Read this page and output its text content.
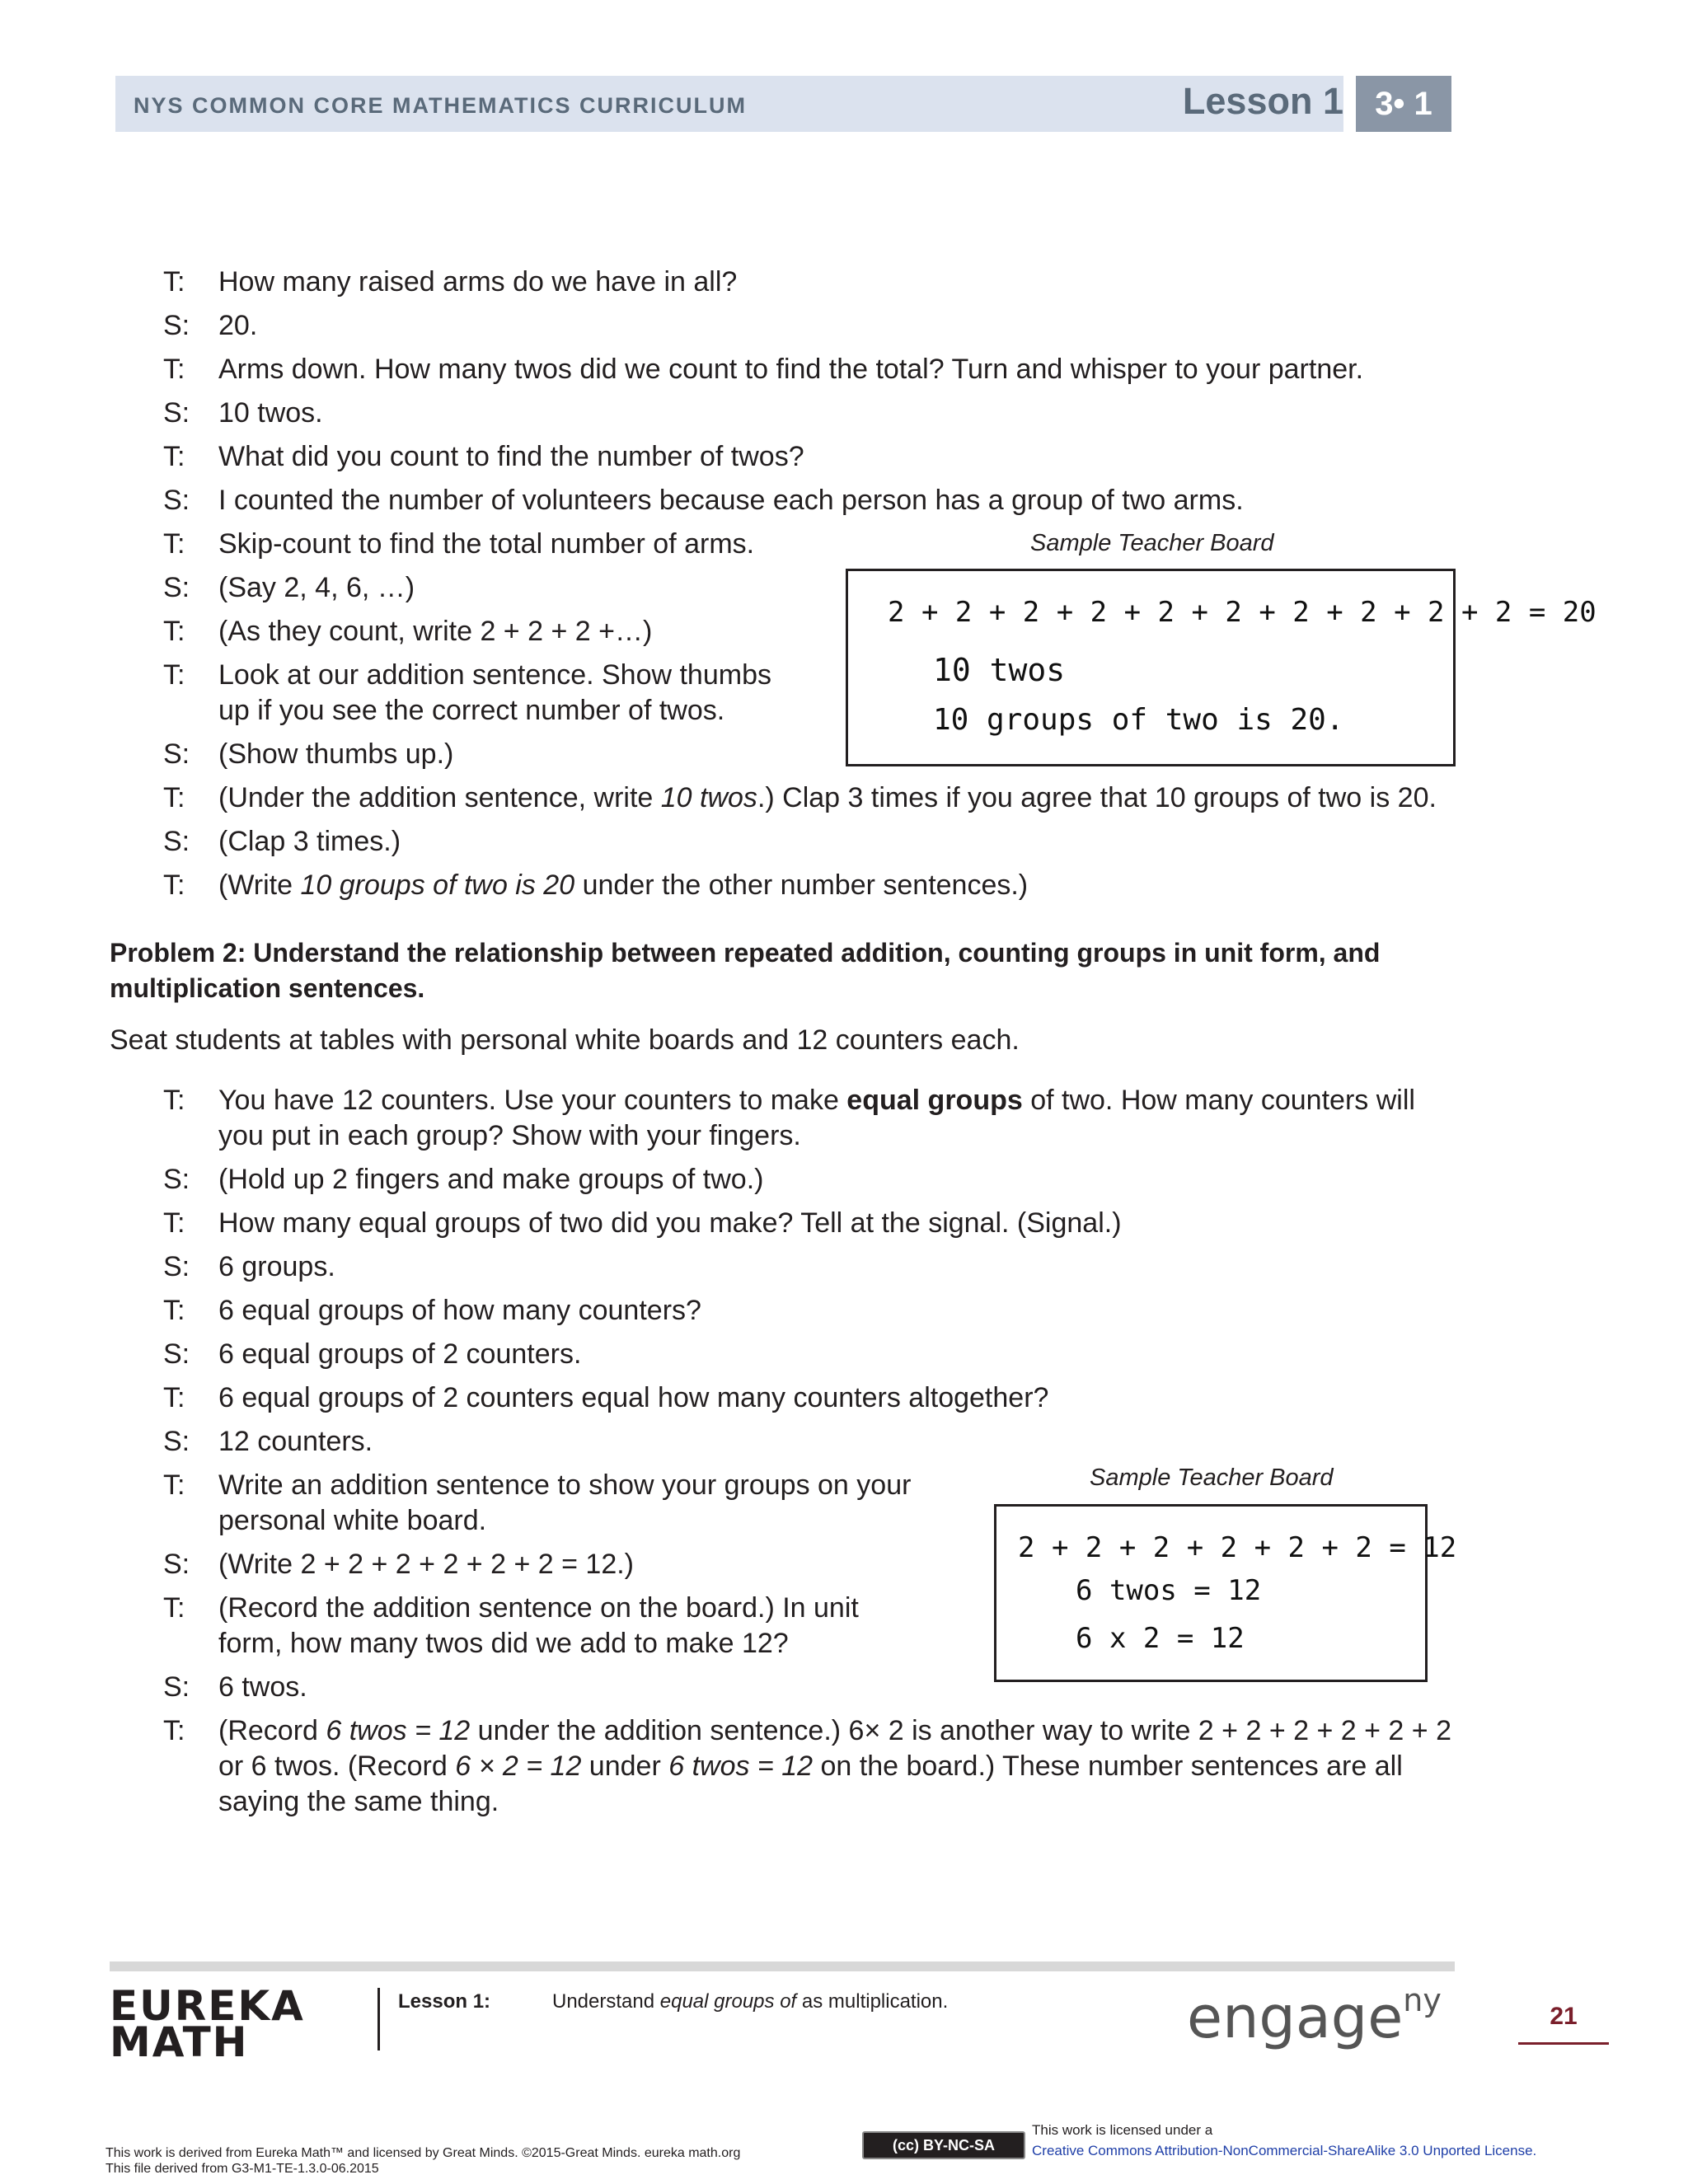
NYS COMMON CORE MATHEMATICS CURRICULUM	Lesson 1 3• 1
T: How many raised arms do we have in all?
S: 20.
T: Arms down. How many twos did we count to find the total? Turn and whisper to your partner.
S: 10 twos.
T: What did you count to find the number of twos?
S: I counted the number of volunteers because each person has a group of two arms.
T: Skip-count to find the total number of arms.
S: (Say 2, 4, 6, …)
T: (As they count, write 2 + 2 + 2 +…)
T: Look at our addition sentence. Show thumbs
up if you see the correct number of twos.
S: (Show thumbs up.)
T: (Under the addition sentence, write 10 twos.) Clap 3 times if you agree that 10 groups of two is 20.
S: (Clap 3 times.)
T: (Write 10 groups of two is 20 under the other number sentences.)
Sample Teacher Board
2 + 2 + 2 + 2 + 2 + 2 + 2 + 2 + 2 + 2 = 20
10 twos
10 groups of two is 20.
Problem 2: Understand the relationship between repeated addition, counting groups in unit form, and
multiplication sentences.
Seat students at tables with personal white boards and 12 counters each.
T: You have 12 counters. Use your counters to make equal groups of two. How many counters will
you put in each group? Show with your fingers.
S: (Hold up 2 fingers and make groups of two.)
T: How many equal groups of two did you make? Tell at the signal. (Signal.)
S: 6 groups.
T: 6 equal groups of how many counters?
S: 6 equal groups of 2 counters.
T: 6 equal groups of 2 counters equal how many counters altogether?
S: 12 counters.
T: Write an addition sentence to show your groups on your
personal white board.
S: (Write 2 + 2 + 2 + 2 + 2 + 2 = 12.)
T: (Record the addition sentence on the board.) In unit
form, how many twos did we add to make 12?
S: 6 twos.
T: (Record 6 twos = 12 under the addition sentence.) 6× 2 is another way to write 2 + 2 + 2 + 2 + 2 + 2
or 6 twos. (Record 6 × 2 = 12 under 6 twos = 12 on the board.) These number sentences are all
saying the same thing.
Sample Teacher Board
2 + 2 + 2 + 2 + 2 + 2 = 12
6 twos = 12
6 x 2 = 12
EUREKA
MATH
Lesson 1:	Understand equal groups of as multiplication.	engage$^{ny}$	21
This work is derived from Eureka Math™ and licensed by Great Minds. ©2015-Great Minds. eureka math.org
This file derived from G3-M1-TE-1.3.0-06.2015
(cc) BY-NC-SA
This work is licensed under a
Creative Commons Attribution-NonCommercial-ShareAlike 3.0 Unported License.
